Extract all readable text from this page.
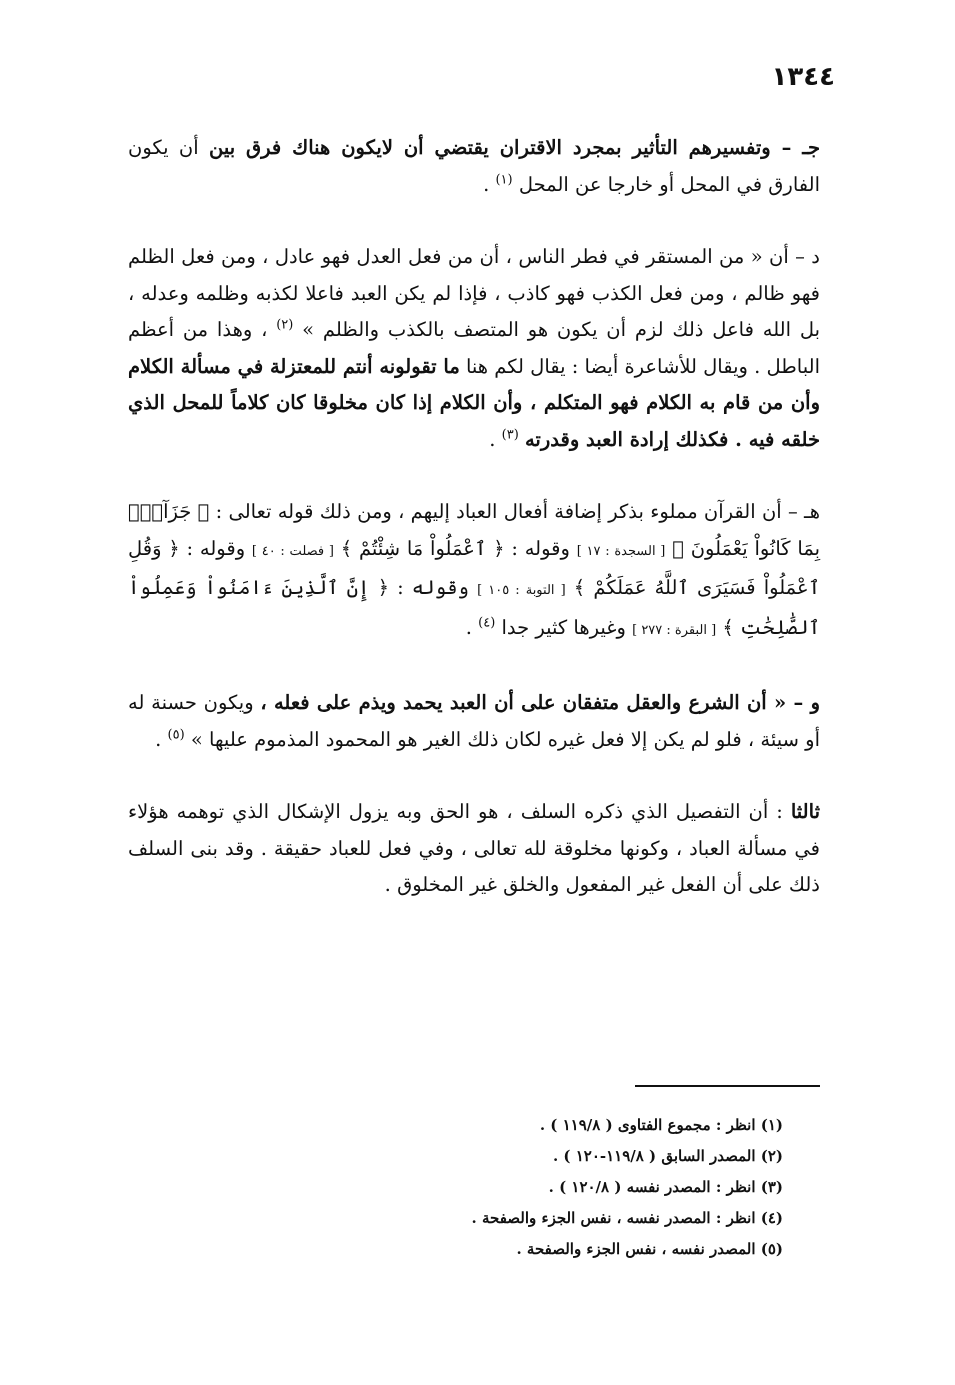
١٣٤٤

جـ – وتفسيرهم التأثير بمجرد الاقتران يقتضي أن لايكون هناك فرق بين أن يكون الفارق في المحل أو خارجا عن المحل $^{(١)}$ .

د – أن « من المستقر في فطر الناس ، أن من فعل العدل فهو عادل ، ومن فعل الظلم فهو ظالم ، ومن فعل الكذب فهو كاذب ، فإذا لم يكن العبد فاعلا لكذبه وظلمه وعدله ، بل الله فاعل ذلك لزم أن يكون هو المتصف بالكذب والظلم » $^{(٢)}$ ، وهذا من أعظم الباطل . ويقال للأشاعرة أيضا : يقال لكم هنا ما تقولونه أنتم للمعتزلة في مسألة الكلام وأن من قام به الكلام فهو المتكلم ، وأن الكلام إذا كان مخلوقا كان كلاماً للمحل الذي خلقه فيه . فكذلك إرادة العبد وقدرته $^{(٣)}$ .

هـ – أن القرآن مملوء بذكر إضافة أفعال العباد إليهم ، ومن ذلك قوله تعالى : ﴿ جَزَآءَۢ بِمَا كَانُواْ يَعْمَلُونَ ﴾ [ السجدة : ١٧ ] وقوله : ﴿ ٱعْمَلُواْ مَا شِئْتُمْ ﴾ [ فصلت : ٤٠ ] وقوله : ﴿ وَقُلِ ٱعْمَلُواْ فَسَيَرَى ٱللَّهُ عَمَلَكُمْ ﴾ [ التوبة : ١٠٥ ] وقوله : ﴿ إِنَّ ٱلَّذِينَ ءَامَنُواْ وَعَمِلُواْ ٱلصَّٰلِحَٰتِ ﴾ [ البقرة : ٢٧٧ ] وغيرها كثير جدا $^{(٤)}$ .

و – « أن الشرع والعقل متفقان على أن العبد يحمد ويذم على فعله ، ويكون حسنة له أو سيئة ، فلو لم يكن إلا فعل غيره لكان ذلك الغير هو المحمود المذموم عليها » $^{(٥)}$ .

ثالثا : أن التفصيل الذي ذكره السلف ، هو الحق وبه يزول الإشكال الذي توهمه هؤلاء في مسألة العباد ، وكونها مخلوقة لله تعالى ، وفي فعل للعباد حقيقة . وقد بنى السلف ذلك على أن الفعل غير المفعول والخلق غير المخلوق .

(١) انظر : مجموع الفتاوى ( ١١٩/٨ ) .
(٢) المصدر السابق ( ١١٩/٨-١٢٠ ) .
(٣) انظر : المصدر نفسه ( ١٢٠/٨ ) .
(٤) انظر : المصدر نفسه ، نفس الجزء والصفحة .
(٥) المصدر نفسه ، نفس الجزء والصفحة .
